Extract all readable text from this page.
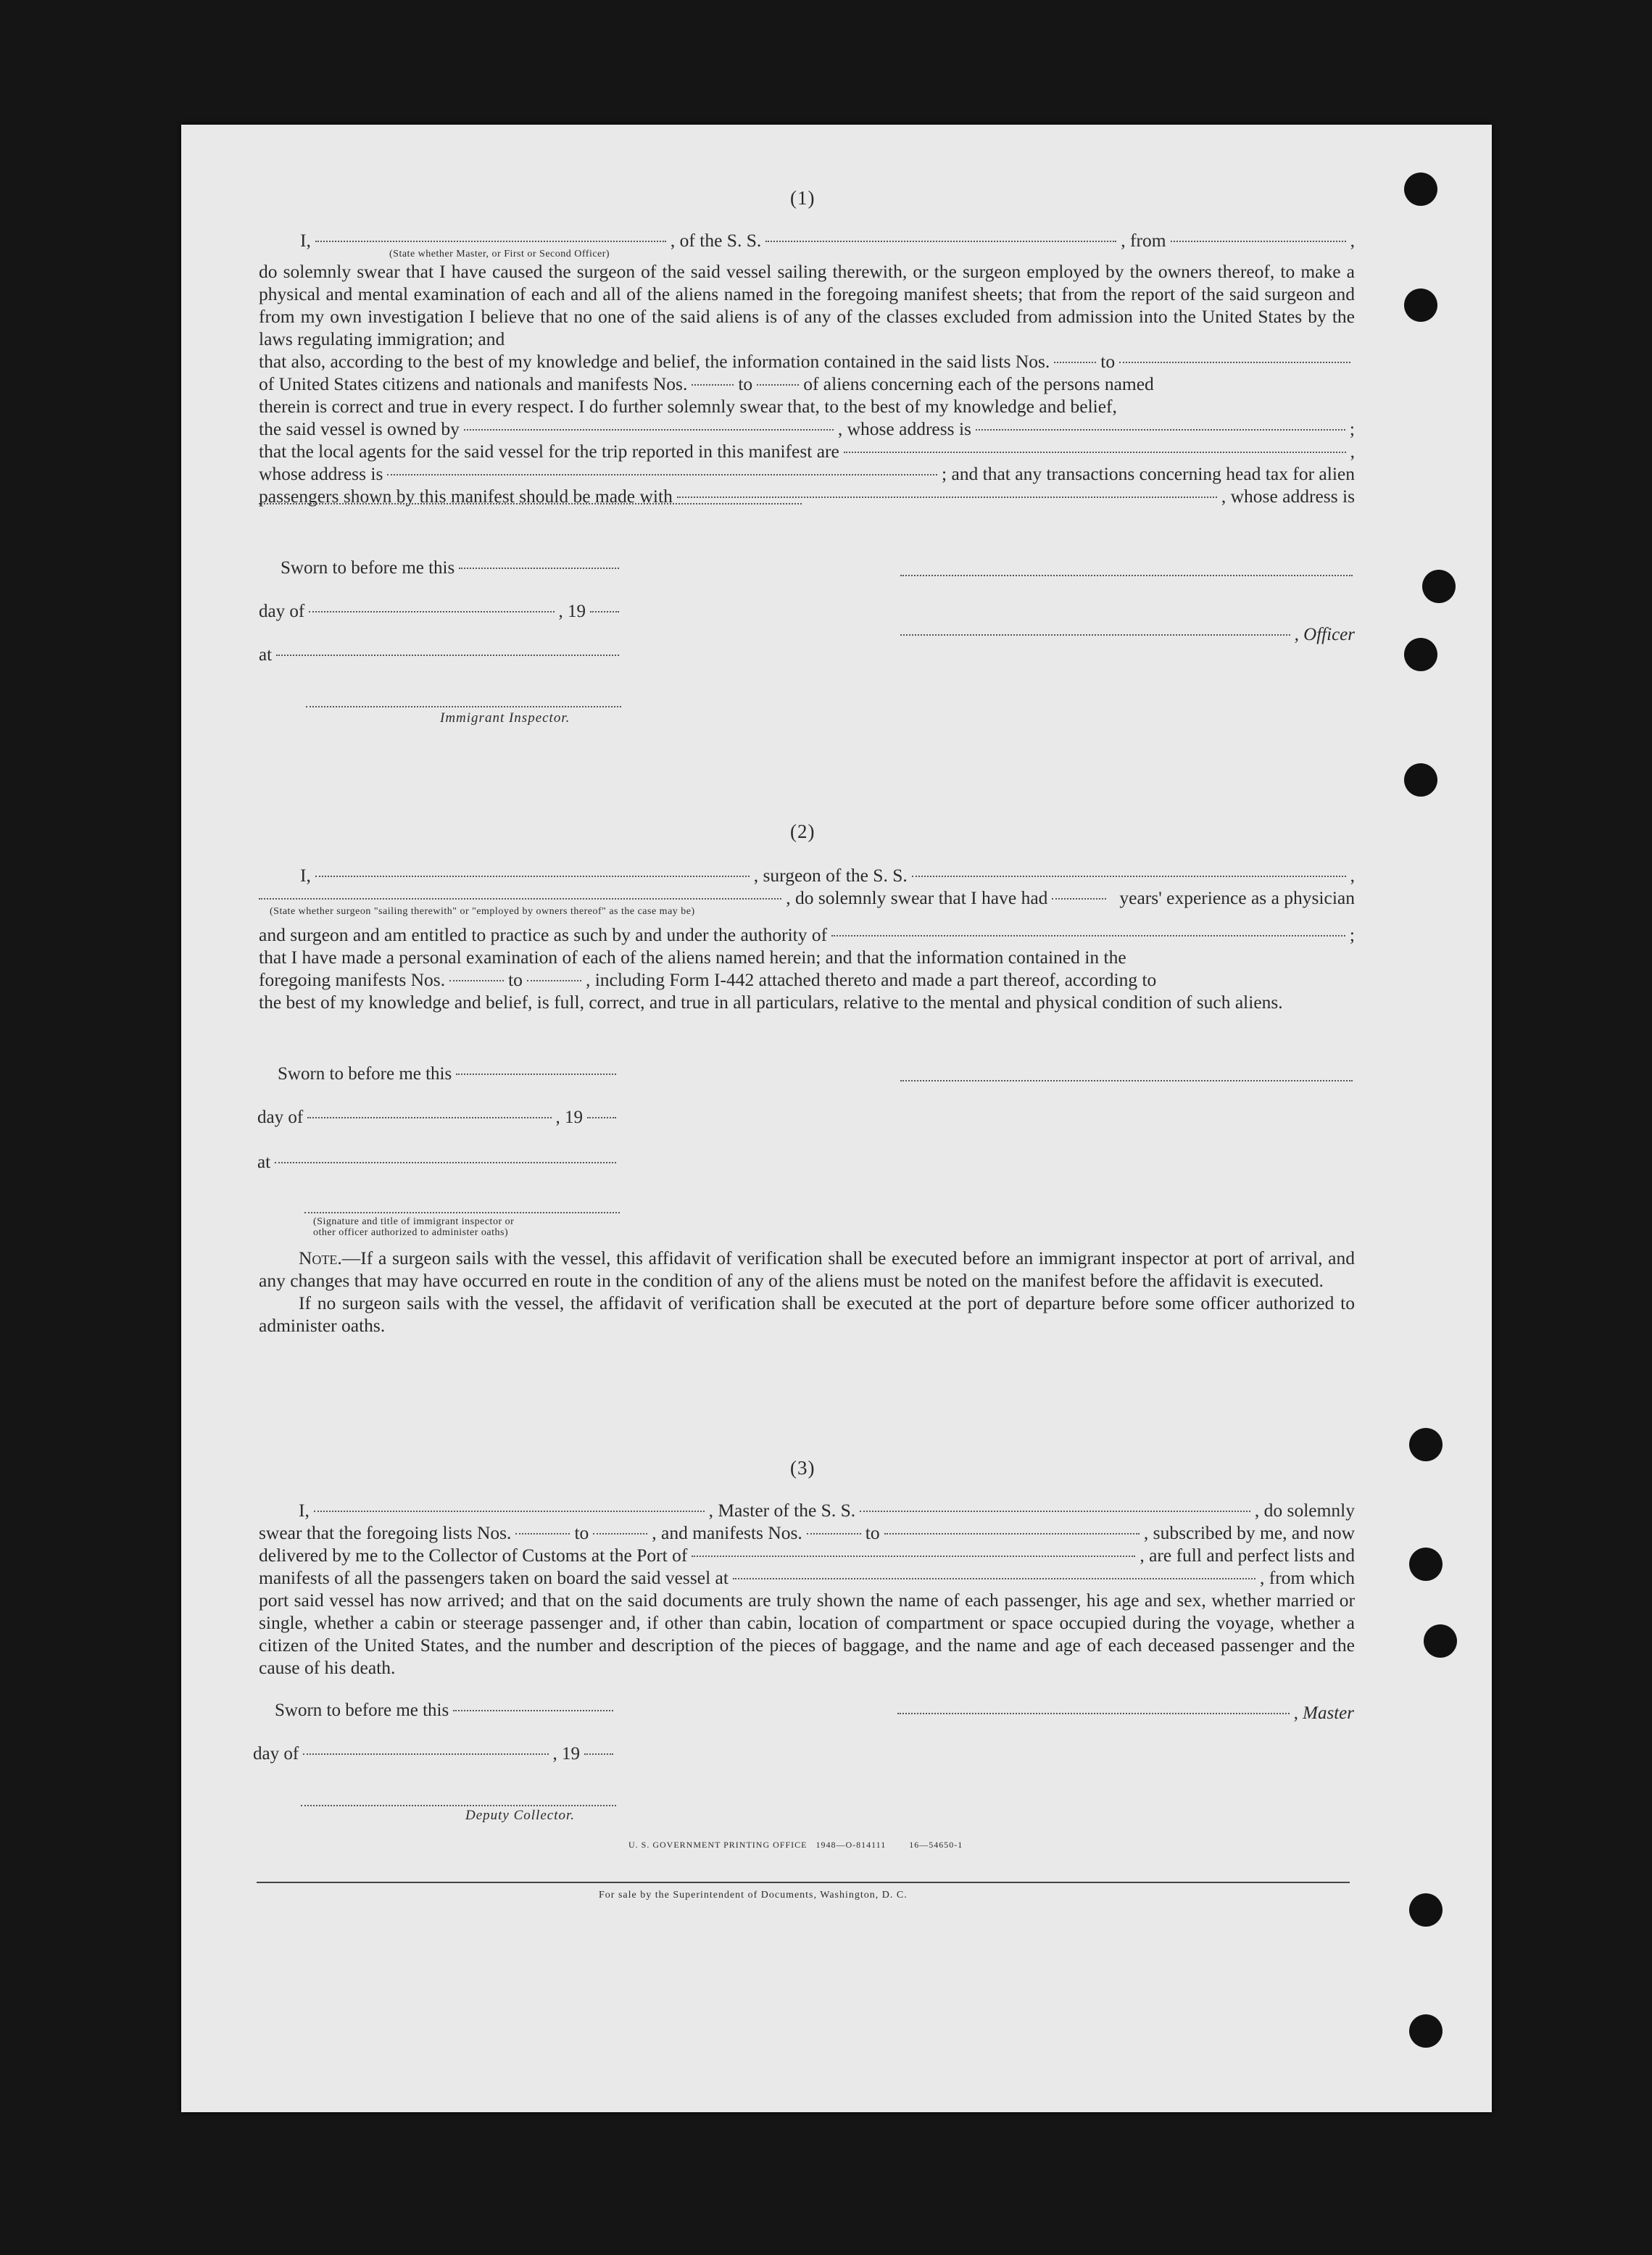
(1)
I,	, of the S. S.	, from	,
(State whether Master, or First or Second Officer)

do solemnly swear that I have caused the surgeon of the said vessel sailing therewith, or the surgeon employed by the owners thereof, to make a physical and mental examination of each and all of the aliens named in the foregoing manifest sheets; that from the report of the said surgeon and from my own investigation I believe that no one of the said aliens is of any of the classes excluded from admission into the United States by the laws regulating immigration; and

that also, according to the best of my knowledge and belief, the information contained in the said lists Nos.	to
of United States citizens and nationals and manifests Nos.	to	of aliens concerning each of the persons named

therein is correct and true in every respect. I do further solemnly swear that, to the best of my knowledge and belief,

the said vessel is owned by	, whose address is	;
that the local agents for the said vessel for the trip reported in this manifest are	,
whose address is	; and that any transactions concerning head tax for alien
passengers shown by this manifest should be made with	, whose address is
Sworn to before me this
day of	, 19
at
Immigrant Inspector.
, Officer
(2)
I,	, surgeon of the S. S.	,
, do solemnly swear that I have had	years' experience as a physician
(State whether surgeon "sailing therewith" or "employed by owners thereof" as the case may be)
and surgeon and am entitled to practice as such by and under the authority of	;

that I have made a personal examination of each of the aliens named herein; and that the information contained in the

foregoing manifests Nos.	to	, including Form I-442 attached thereto and made a part thereof, according to

the best of my knowledge and belief, is full, correct, and true in all particulars, relative to the mental and physical condition of such aliens.

Sworn to before me this
day of	, 19
at
(Signature and title of immigrant inspector or
other officer authorized to administer oaths)

Note.—If a surgeon sails with the vessel, this affidavit of verification shall be executed before an immigrant inspector at port of arrival, and any changes that may have occurred en route in the condition of any of the aliens must be noted on the manifest before the affidavit is executed.

If no surgeon sails with the vessel, the affidavit of verification shall be executed at the port of departure before some officer authorized to administer oaths.

(3)
I,	, Master of the S. S.	, do solemnly
swear that the foregoing lists Nos.	to	, and manifests Nos.	to	, subscribed by me, and now
delivered by me to the Collector of Customs at the Port of	, are full and perfect lists and
manifests of all the passengers taken on board the said vessel at	, from which

port said vessel has now arrived; and that on the said documents are truly shown the name of each passenger, his age and sex, whether married or single, whether a cabin or steerage passenger and, if other than cabin, location of compartment or space occupied during the voyage, whether a citizen of the United States, and the number and description of the pieces of baggage, and the name and age of each deceased passenger and the cause of his death.

Sworn to before me this
day of	, 19
Deputy Collector.
, Master
U. S. GOVERNMENT PRINTING OFFICE   1948—O-814111        16—54650-1
For sale by the Superintendent of Documents, Washington, D. C.
